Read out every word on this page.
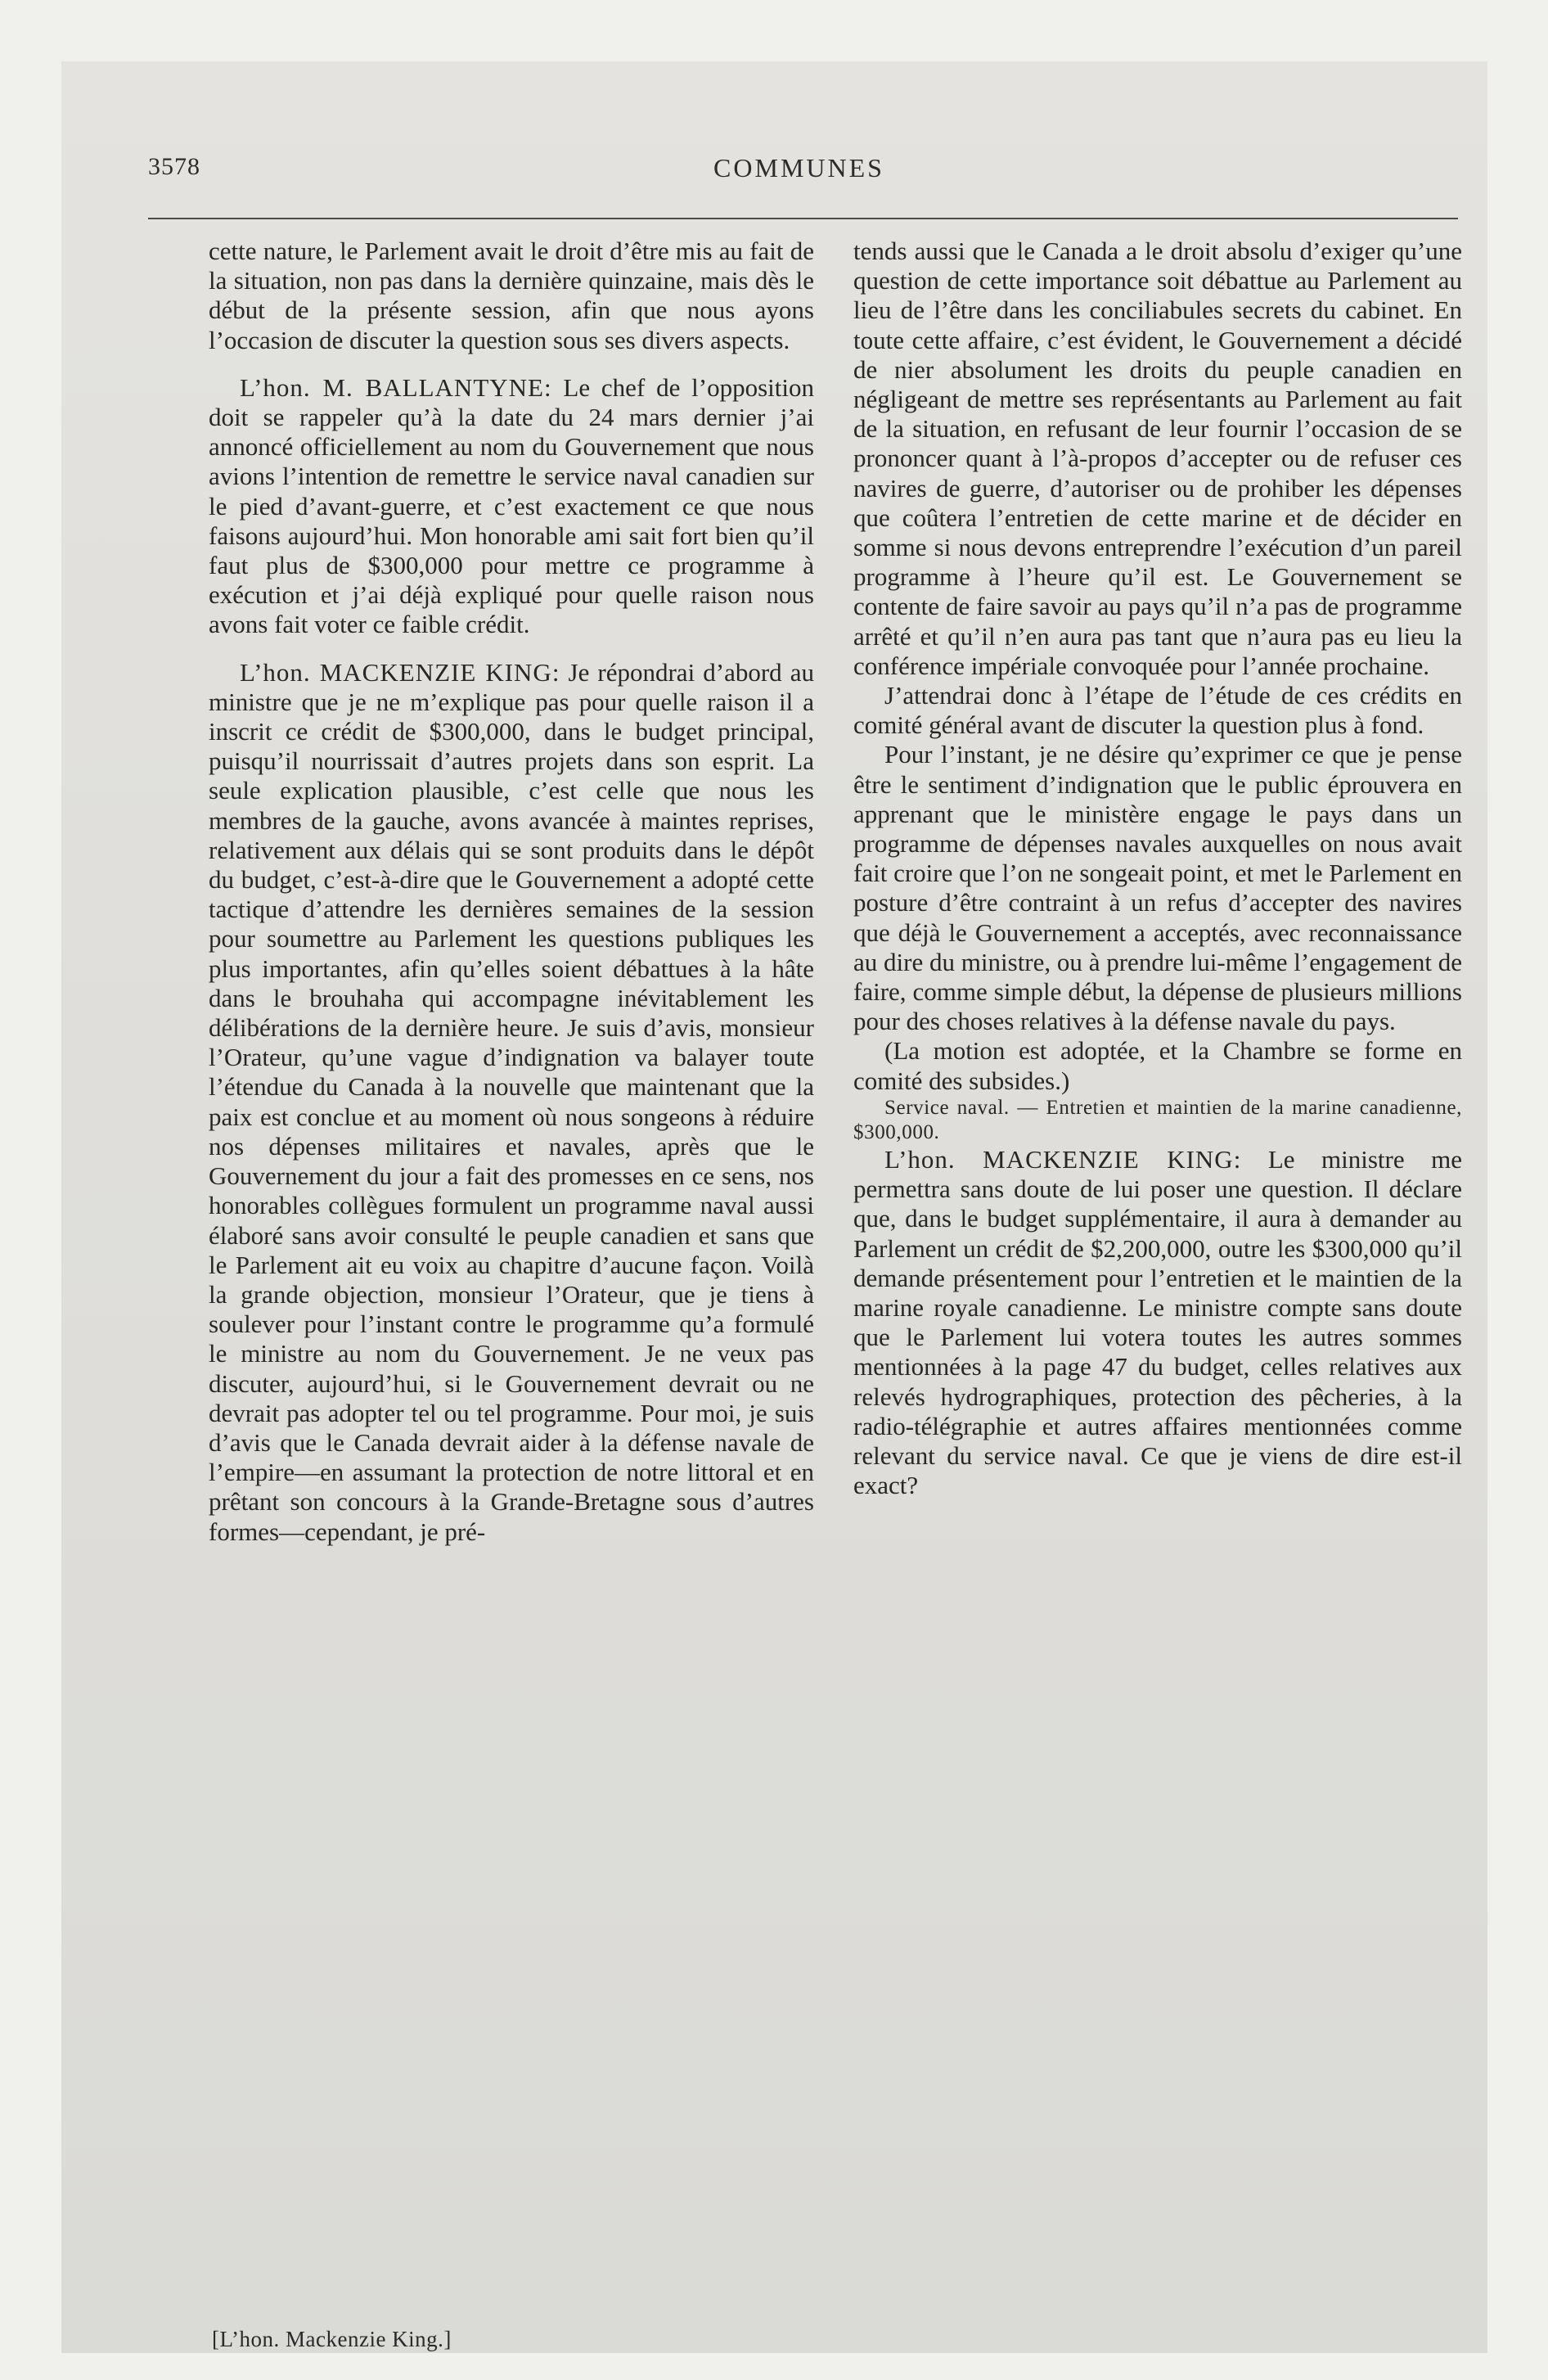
3578	COMMUNES

cette nature, le Parlement avait le droit d’être mis au fait de la situation, non pas dans la dernière quinzaine, mais dès le début de la présente session, afin que nous ayons l’occasion de discuter la question sous ses divers aspects.

L’hon. M. BALLANTYNE: Le chef de l’opposition doit se rappeler qu’à la date du 24 mars dernier j’ai annoncé officiellement au nom du Gouvernement que nous avions l’intention de remettre le service naval canadien sur le pied d’avant-guerre, et c’est exactement ce que nous faisons aujourd’hui. Mon honorable ami sait fort bien qu’il faut plus de $300,000 pour mettre ce programme à exécution et j’ai déjà expliqué pour quelle raison nous avons fait voter ce faible crédit.

L’hon. MACKENZIE KING: Je répondrai d’abord au ministre que je ne m’explique pas pour quelle raison il a inscrit ce crédit de $300,000, dans le budget principal, puisqu’il nourrissait d’autres projets dans son esprit. La seule explication plausible, c’est celle que nous les membres de la gauche, avons avancée à maintes reprises, relativement aux délais qui se sont produits dans le dépôt du budget, c’est-à-dire que le Gouvernement a adopté cette tactique d’attendre les dernières semaines de la session pour soumettre au Parlement les questions publiques les plus importantes, afin qu’elles soient débattues à la hâte dans le brouhaha qui accompagne inévitablement les délibérations de la dernière heure. Je suis d’avis, monsieur l’Orateur, qu’une vague d’indignation va balayer toute l’étendue du Canada à la nouvelle que maintenant que la paix est conclue et au moment où nous songeons à réduire nos dépenses militaires et navales, après que le Gouvernement du jour a fait des promesses en ce sens, nos honorables collègues formulent un programme naval aussi élaboré sans avoir consulté le peuple canadien et sans que le Parlement ait eu voix au chapitre d’aucune façon. Voilà la grande objection, monsieur l’Orateur, que je tiens à soulever pour l’instant contre le programme qu’a formulé le ministre au nom du Gouvernement. Je ne veux pas discuter, aujourd’hui, si le Gouvernement devrait ou ne devrait pas adopter tel ou tel programme. Pour moi, je suis d’avis que le Canada devrait aider à la défense navale de l’empire—en assumant la protection de notre littoral et en prêtant son concours à la Grande-Bretagne sous d’autres formes—cependant, je pré-

tends aussi que le Canada a le droit absolu d’exiger qu’une question de cette importance soit débattue au Parlement au lieu de l’être dans les conciliabules secrets du cabinet. En toute cette affaire, c’est évident, le Gouvernement a décidé de nier absolument les droits du peuple canadien en négligeant de mettre ses représentants au Parlement au fait de la situation, en refusant de leur fournir l’occasion de se prononcer quant à l’à-propos d’accepter ou de refuser ces navires de guerre, d’autoriser ou de prohiber les dépenses que coûtera l’entretien de cette marine et de décider en somme si nous devons entreprendre l’exécution d’un pareil programme à l’heure qu’il est. Le Gouvernement se contente de faire savoir au pays qu’il n’a pas de programme arrêté et qu’il n’en aura pas tant que n’aura pas eu lieu la conférence impériale convoquée pour l’année prochaine.

J’attendrai donc à l’étape de l’étude de ces crédits en comité général avant de discuter la question plus à fond.

Pour l’instant, je ne désire qu’exprimer ce que je pense être le sentiment d’indignation que le public éprouvera en apprenant que le ministère engage le pays dans un programme de dépenses navales auxquelles on nous avait fait croire que l’on ne songeait point, et met le Parlement en posture d’être contraint à un refus d’accepter des navires que déjà le Gouvernement a acceptés, avec reconnaissance au dire du ministre, ou à prendre lui-même l’engagement de faire, comme simple début, la dépense de plusieurs millions pour des choses relatives à la défense navale du pays.

(La motion est adoptée, et la Chambre se forme en comité des subsides.)

Service naval. — Entretien et maintien de la marine canadienne, $300,000.

L’hon. MACKENZIE KING: Le ministre me permettra sans doute de lui poser une question. Il déclare que, dans le budget supplémentaire, il aura à demander au Parlement un crédit de $2,200,000, outre les $300,000 qu’il demande présentement pour l’entretien et le maintien de la marine royale canadienne. Le ministre compte sans doute que le Parlement lui votera toutes les autres sommes mentionnées à la page 47 du budget, celles relatives aux relevés hydrographiques, protection des pêcheries, à la radio-télégraphie et autres affaires mentionnées comme relevant du service naval. Ce que je viens de dire est-il exact?

[L’hon. Mackenzie King.]
